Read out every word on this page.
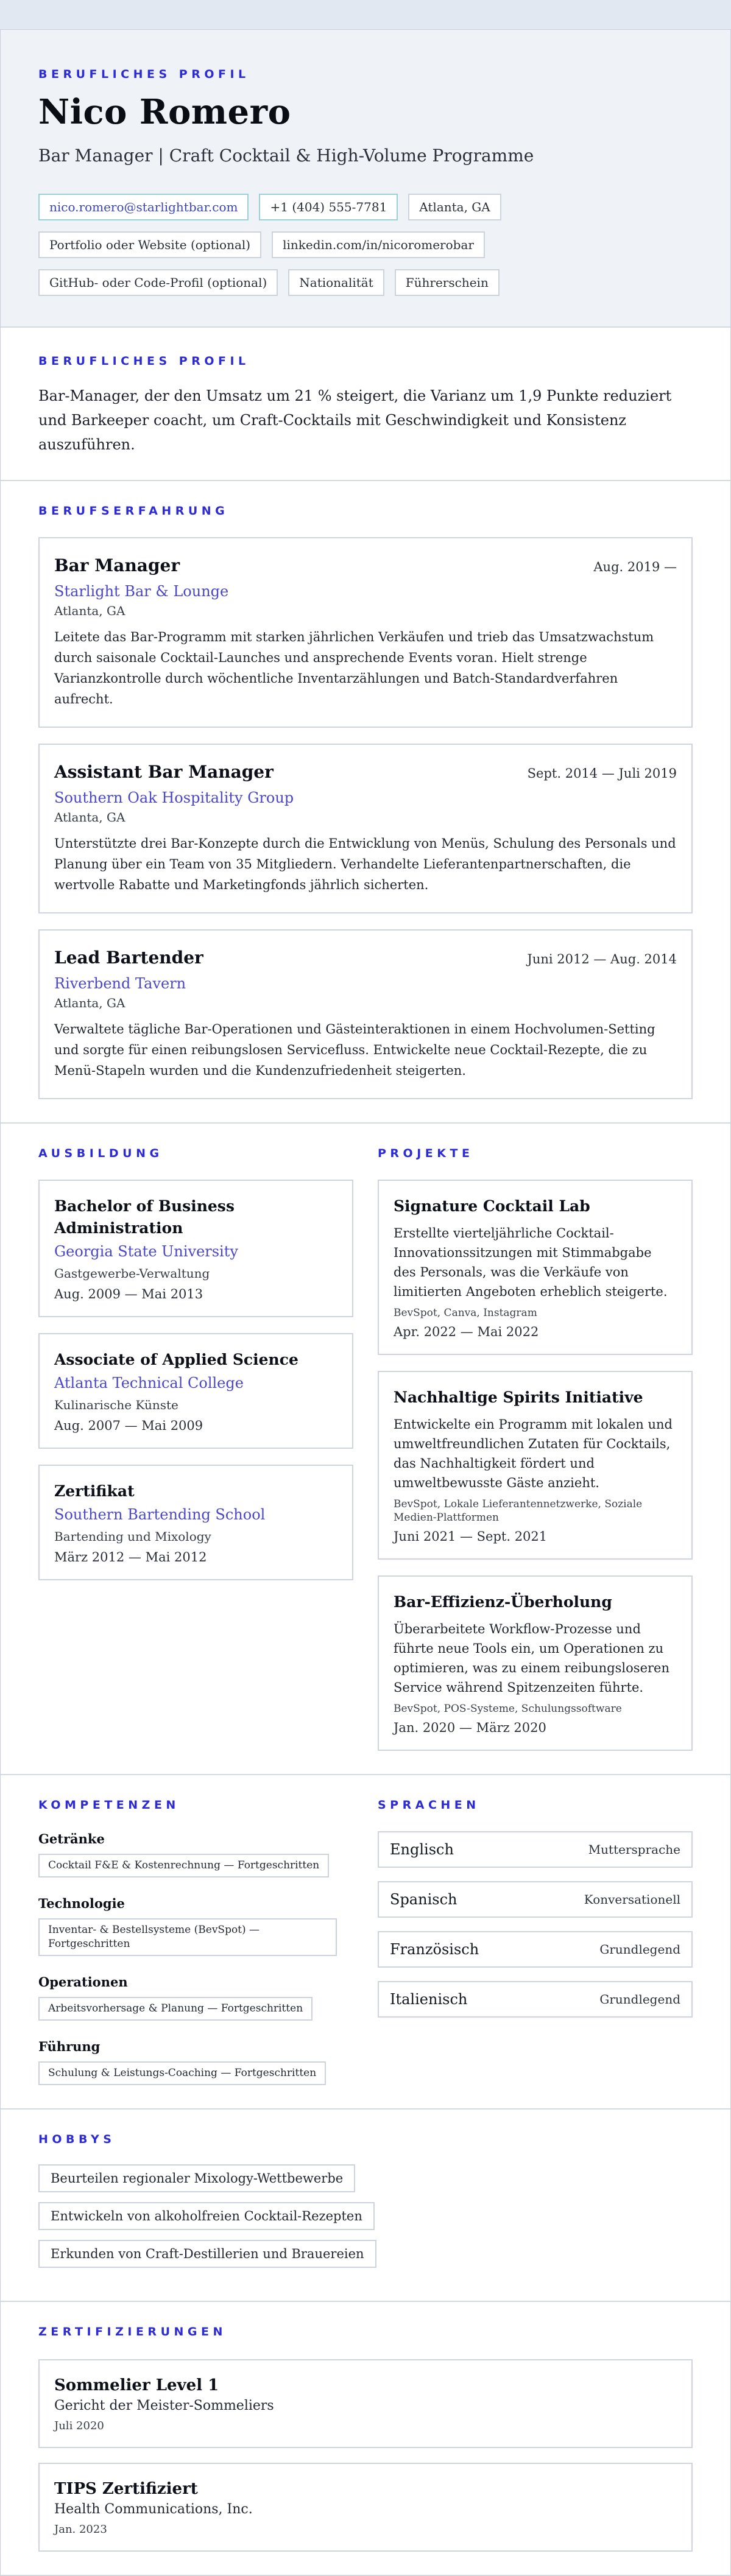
BERUFLICHES PROFIL

Nico Romero

Bar Manager | Craft Cocktail & High-Volume Programme

nico.romero@starlightbar.com	+1 (404) 555-7781	Atlanta, GA
Portfolio oder Website (optional)	linkedin.com/in/nicoromerobar
GitHub- oder Code-Profil (optional)	Nationalität	Führerschein

BERUFLICHES PROFIL

Bar-Manager, der den Umsatz um 21 % steigert, die Varianz um 1,9 Punkte reduziert und Barkeeper coacht, um Craft-Cocktails mit Geschwindigkeit und Konsistenz auszuführen.

BERUFSERFAHRUNG

Bar Manager	Aug. 2019 —
Starlight Bar & Lounge
Atlanta, GA
Leitete das Bar-Programm mit starken jährlichen Verkäufen und trieb das Umsatzwachstum durch saisonale Cocktail-Launches und ansprechende Events voran. Hielt strenge Varianzkontrolle durch wöchentliche Inventarzählungen und Batch-Standardverfahren aufrecht.
Assistant Bar Manager	Sept. 2014 — Juli 2019
Southern Oak Hospitality Group
Atlanta, GA
Unterstützte drei Bar-Konzepte durch die Entwicklung von Menüs, Schulung des Personals und Planung über ein Team von 35 Mitgliedern. Verhandelte Lieferantenpartnerschaften, die wertvolle Rabatte und Marketingfonds jährlich sicherten.
Lead Bartender	Juni 2012 — Aug. 2014
Riverbend Tavern
Atlanta, GA
Verwaltete tägliche Bar-Operationen und Gästeinteraktionen in einem Hochvolumen-Setting und sorgte für einen reibungslosen Servicefluss. Entwickelte neue Cocktail-Rezepte, die zu Menü-Stapeln wurden und die Kundenzufriedenheit steigerten.

AUSBILDUNG

Bachelor of Business Administration
Georgia State University
Gastgewerbe-Verwaltung
Aug. 2009 — Mai 2013
Associate of Applied Science
Atlanta Technical College
Kulinarische Künste
Aug. 2007 — Mai 2009
Zertifikat
Southern Bartending School
Bartending und Mixology
März 2012 — Mai 2012

PROJEKTE

Signature Cocktail Lab
Erstellte vierteljährliche Cocktail-Innovationssitzungen mit Stimmabgabe des Personals, was die Verkäufe von limitierten Angeboten erheblich steigerte.
BevSpot, Canva, Instagram
Apr. 2022 — Mai 2022
Nachhaltige Spirits Initiative
Entwickelte ein Programm mit lokalen und umweltfreundlichen Zutaten für Cocktails, das Nachhaltigkeit fördert und umweltbewusste Gäste anzieht.
BevSpot, Lokale Lieferantennetzwerke, Soziale Medien-Plattformen
Juni 2021 — Sept. 2021
Bar-Effizienz-Überholung
Überarbeitete Workflow-Prozesse und führte neue Tools ein, um Operationen zu optimieren, was zu einem reibungsloseren Service während Spitzenzeiten führte.
BevSpot, POS-Systeme, Schulungssoftware
Jan. 2020 — März 2020

KOMPETENZEN

Getränke
Cocktail F&E & Kostenrechnung — Fortgeschritten
Technologie
Inventar- & Bestellsysteme (BevSpot) — Fortgeschritten
Operationen
Arbeitsvorhersage & Planung — Fortgeschritten
Führung
Schulung & Leistungs-Coaching — Fortgeschritten

SPRACHEN

Englisch	Muttersprache
Spanisch	Konversationell
Französisch	Grundlegend
Italienisch	Grundlegend

HOBBYS

Beurteilen regionaler Mixology-Wettbewerbe
Entwickeln von alkoholfreien Cocktail-Rezepten
Erkunden von Craft-Destillerien und Brauereien

ZERTIFIZIERUNGEN

Sommelier Level 1
Gericht der Meister-Sommeliers
Juli 2020
TIPS Zertifiziert
Health Communications, Inc.
Jan. 2023
